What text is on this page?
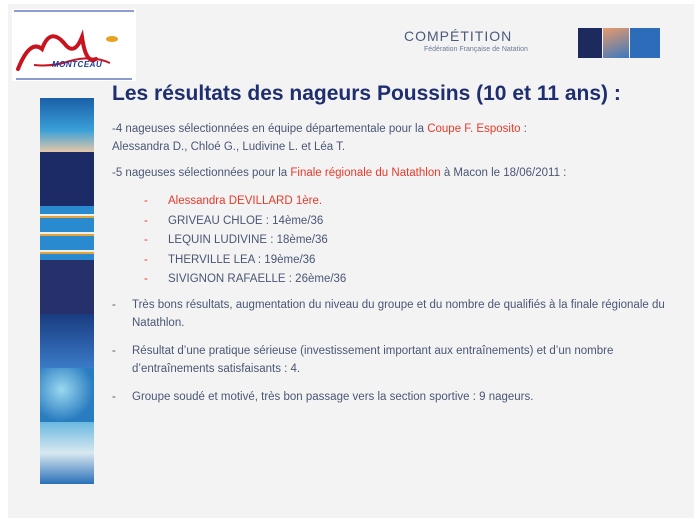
MONTCEAU
COMPÉTITION
Fédération Française de Natation
Les résultats des nageurs Poussins (10 et 11 ans) :
-4 nageuses sélectionnées en équipe départementale pour la Coupe F. Esposito :
Alessandra D., Chloé G., Ludivine L. et Léa T.
-5 nageuses sélectionnées pour la Finale régionale du Natathlon à Macon le 18/06/2011 :
- Alessandra DEVILLARD 1ère.
- GRIVEAU CHLOE : 14ème/36
- LEQUIN LUDIVINE : 18ème/36
- THERVILLE LEA : 19ème/36
- SIVIGNON RAFAELLE : 26ème/36
- Très bons résultats, augmentation du niveau du groupe et du nombre de qualifiés à la finale régionale du Natathlon.
- Résultat d’une pratique sérieuse (investissement important aux entraînements) et d’un nombre d’entraînements satisfaisants : 4.
- Groupe soudé et motivé, très bon passage vers la section sportive : 9 nageurs.
